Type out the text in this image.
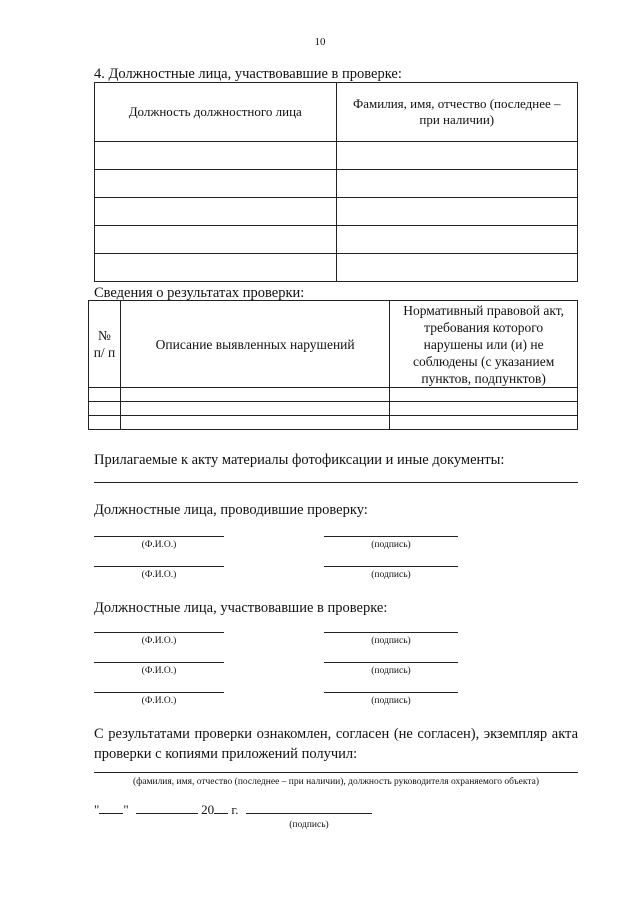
10
4. Должностные лица, участвовавшие в проверке:
Должность должностного лица	Фамилия, имя, отчество (последнее – при наличии)

Сведения о результатах проверки:
№ п/ п	Описание выявленных нарушений	Нормативный правовой акт, требования которого нарушены или (и) не соблюдены (с указанием пунктов, подпунктов)

Прилагаемые к акту материалы фотофиксации и иные документы:
Должностные лица, проводившие проверку:
(Ф.И.О.)	(подпись)
(Ф.И.О.)	(подпись)
Должностные лица, участвовавшие в проверке:
(Ф.И.О.)	(подпись)
(Ф.И.О.)	(подпись)
(Ф.И.О.)	(подпись)
С результатами проверки ознакомлен, согласен (не согласен), экземпляр акта проверки с копиями приложений получил:
(фамилия, имя, отчество (последнее – при наличии), должность руководителя охраняемого объекта)
" "	20 г.
(подпись)
